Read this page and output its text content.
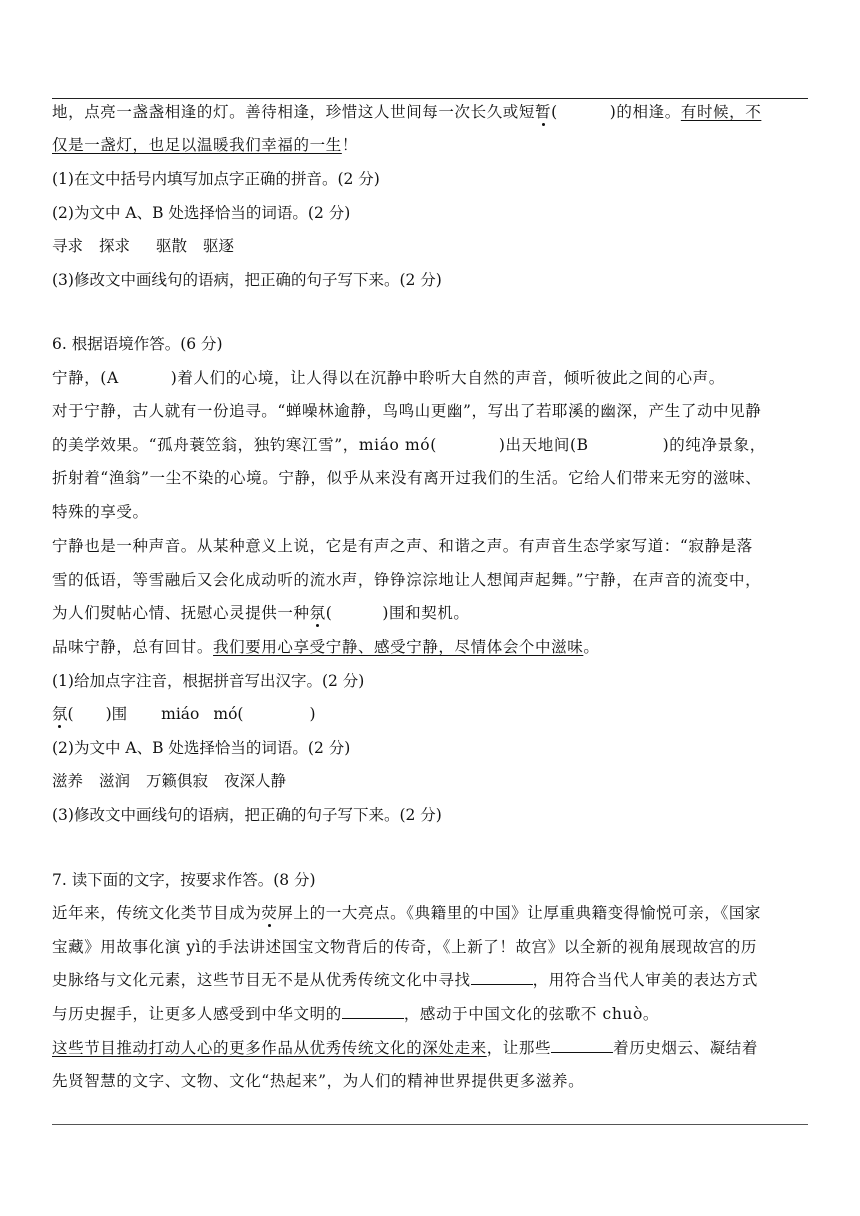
地，点亮一盏盏相逢的灯。善待相逢，珍惜这人世间每一次长久或短暂(	)的相逢。有时候，不
仅是一盏灯，也足以温暖我们幸福的一生！
(1)在文中括号内填写加点字正确的拼音。(2 分)
(2)为文中 A、B 处选择恰当的词语。(2 分)
寻求 探求 驱散 驱逐
(3)修改文中画线句的语病，把正确的句子写下来。(2 分)
6. 根据语境作答。(6 分)
宁静，(A	)着人们的心境，让人得以在沉静中聆听大自然的声音，倾听彼此之间的心声。
对于宁静，古人就有一份追寻。“蝉噪林逾静，鸟鸣山更幽”，写出了若耶溪的幽深，产生了动中见静
的美学效果。“孤舟蓑笠翁，独钓寒江雪”，miáo mó(	)出天地间(B	)的纯净景象，
折射着“渔翁”一尘不染的心境。宁静，似乎从来没有离开过我们的生活。它给人们带来无穷的滋味、
特殊的享受。
宁静也是一种声音。从某种意义上说，它是有声之声、和谐之声。有声音生态学家写道：“寂静是落
雪的低语，等雪融后又会化成动听的流水声，铮铮淙淙地让人想闻声起舞。”宁静，在声音的流变中，
为人们熨帖心情、抚慰心灵提供一种氛(	)围和契机。
品味宁静，总有回甘。我们要用心享受宁静、感受宁静，尽情体会个中滋味。
(1)给加点字注音，根据拼音写出汉字。(2 分)
氛( )围 miáo mó(	)
(2)为文中 A、B 处选择恰当的词语。(2 分)
滋养 滋润 万籁俱寂 夜深人静
(3)修改文中画线句的语病，把正确的句子写下来。(2 分)
7. 读下面的文字，按要求作答。(8 分)
近年来，传统文化类节目成为荧屏上的一大亮点。《典籍里的中国》让厚重典籍变得愉悦可亲，《国家
宝藏》用故事化演 yì的手法讲述国宝文物背后的传奇，《上新了！故宫》以全新的视角展现故宫的历
史脉络与文化元素，这些节目无不是从优秀传统文化中寻找	，用符合当代人审美的表达方式
与历史握手，让更多人感受到中华文明的	，感动于中国文化的弦歌不 chuò。
这些节目推动打动人心的更多作品从优秀传统文化的深处走来，让那些	着历史烟云、凝结着
先贤智慧的文字、文物、文化“热起来”，为人们的精神世界提供更多滋养。
